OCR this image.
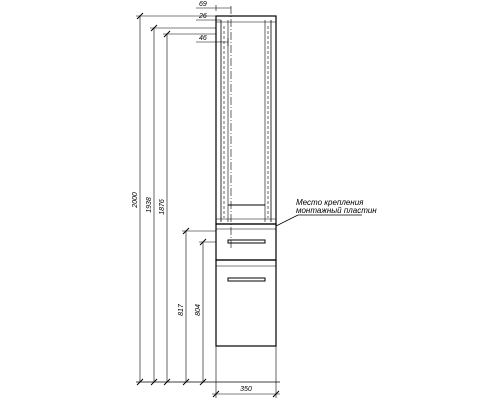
69
26
46
2000 1938 1876
817 804
350
Место крепления
монтажный пластин
